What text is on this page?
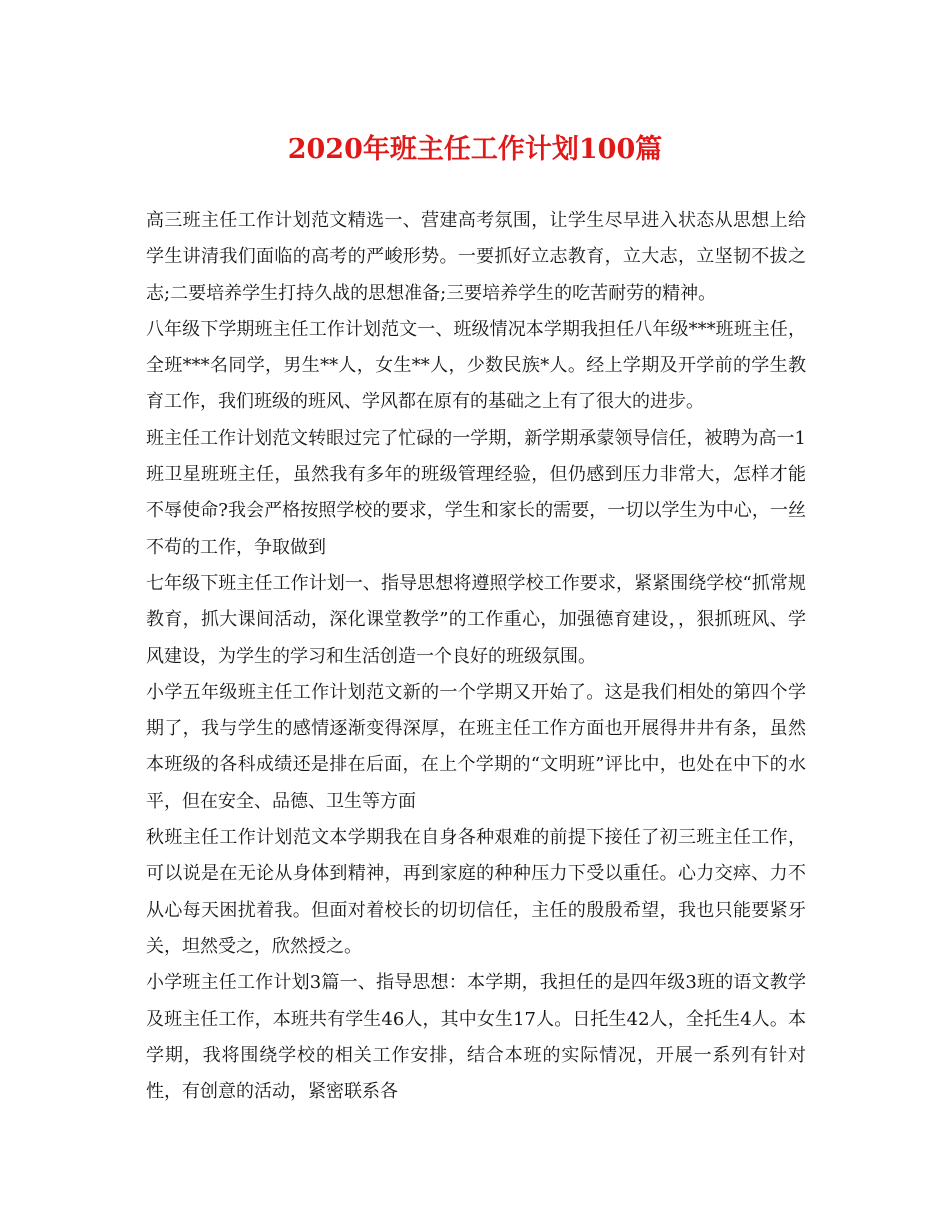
2020年班主任工作计划100篇

高三班主任工作计划范文精选一、营建高考氛围，让学生尽早进入状态从思想上给学生讲清我们面临的高考的严峻形势。一要抓好立志教育，立大志，立坚韧不拔之志;二要培养学生打持久战的思想准备;三要培养学生的吃苦耐劳的精神。

八年级下学期班主任工作计划范文一、班级情况本学期我担任八年级***班班主任，全班***名同学，男生**人，女生**人，少数民族*人。经上学期及开学前的学生教育工作，我们班级的班风、学风都在原有的基础之上有了很大的进步。

班主任工作计划范文转眼过完了忙碌的一学期，新学期承蒙领导信任，被聘为高一1班卫星班班主任，虽然我有多年的班级管理经验，但仍感到压力非常大，怎样才能不辱使命?我会严格按照学校的要求，学生和家长的需要，一切以学生为中心，一丝不苟的工作，争取做到

七年级下班主任工作计划一、指导思想将遵照学校工作要求，紧紧围绕学校“抓常规教育，抓大课间活动，深化课堂教学”的工作重心，加强德育建设，，狠抓班风、学风建设，为学生的学习和生活创造一个良好的班级氛围。

小学五年级班主任工作计划范文新的一个学期又开始了。这是我们相处的第四个学期了，我与学生的感情逐渐变得深厚，在班主任工作方面也开展得井井有条，虽然本班级的各科成绩还是排在后面，在上个学期的“文明班”评比中，也处在中下的水平，但在安全、品德、卫生等方面

秋班主任工作计划范文本学期我在自身各种艰难的前提下接任了初三班主任工作，可以说是在无论从身体到精神，再到家庭的种种压力下受以重任。心力交瘁、力不从心每天困扰着我。但面对着校长的切切信任，主任的殷殷希望，我也只能要紧牙关，坦然受之，欣然授之。

小学班主任工作计划3篇一、指导思想：本学期，我担任的是四年级3班的语文教学及班主任工作，本班共有学生46人，其中女生17人。日托生42人，全托生4人。本学期，我将围绕学校的相关工作安排，结合本班的实际情况，开展一系列有针对性，有创意的活动，紧密联系各
